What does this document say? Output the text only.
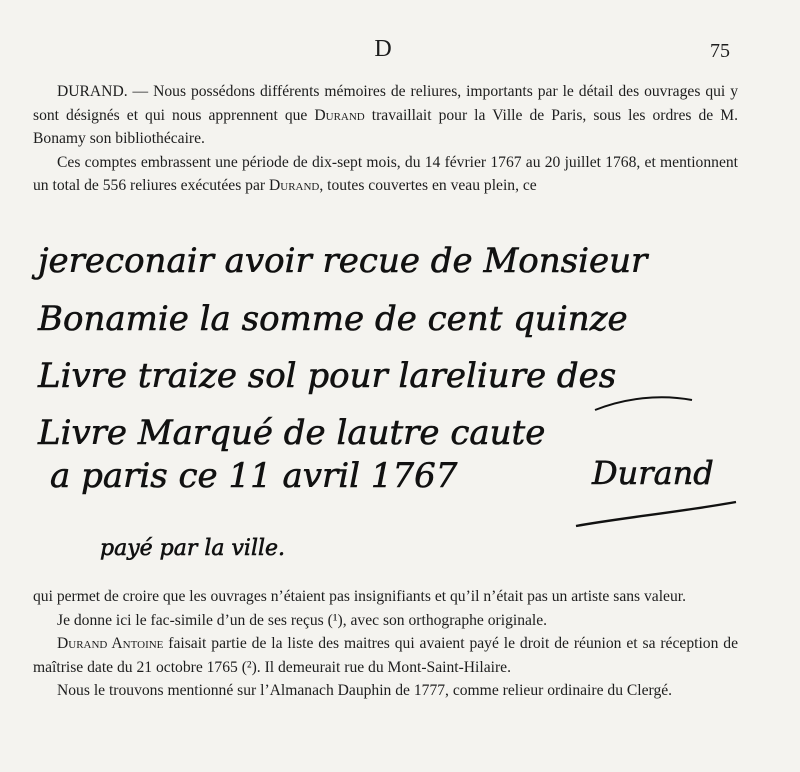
D	75

DURAND. — Nous possédons différents mémoires de reliures, importants par le détail des ouvrages qui y sont désignés et qui nous apprennent que Durand travaillait pour la Ville de Paris, sous les ordres de M. Bonamy son bibliothécaire.

Ces comptes embrassent une période de dix-sept mois, du 14 février 1767 au 20 juillet 1768, et mentionnent un total de 556 reliures exécutées par Durand, toutes couvertes en veau plein, ce

jereconair avoir recue de Monsieur
Bonamie la somme de cent quinze
Livre traize sol pour lareliure des
Livre Marqué de lautre caute
a paris ce 11 avril 1767	Durand
payé par la ville.

qui permet de croire que les ouvrages n’étaient pas insignifiants et qu’il n’était pas un artiste sans valeur.

Je donne ici le fac-simile d’un de ses reçus (¹), avec son orthographe originale.

Durand Antoine faisait partie de la liste des maitres qui avaient payé le droit de réunion et sa réception de maîtrise date du 21 octobre 1765 (²). Il demeurait rue du Mont-Saint-Hilaire.

Nous le trouvons mentionné sur l’Almanach Dauphin de 1777, comme relieur ordinaire du Clergé.
